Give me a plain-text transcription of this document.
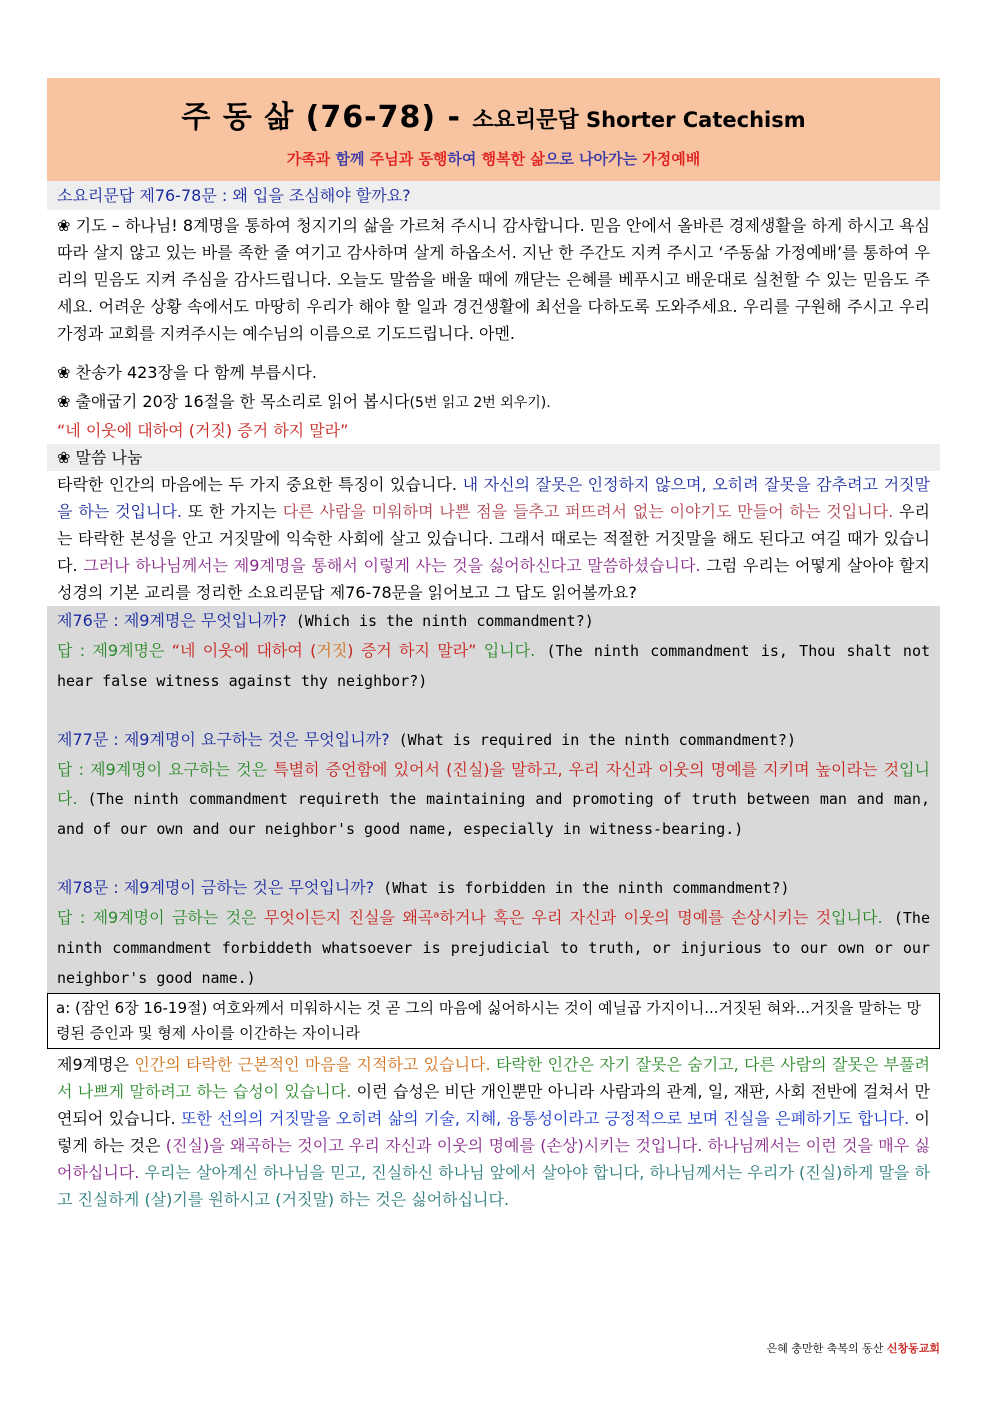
주 동 삶 (76-78) - 소요리문답 Shorter Catechism
가족과 함께 주님과 동행하여 행복한 삶으로 나아가는 가정예배
소요리문답 제76-78문 : 왜 입을 조심해야 할까요?
❀ 기도 – 하나님! 8계명을 통하여 청지기의 삶을 가르쳐 주시니 감사합니다. 믿음 안에서 올바른 경제생활을 하게 하시고 욕심 따라 살지 않고 있는 바를 족한 줄 여기고 감사하며 살게 하옵소서. 지난 한 주간도 지켜 주시고 ‘주동삶 가정예배’를 통하여 우리의 믿음도 지켜 주심을 감사드립니다. 오늘도 말씀을 배울 때에 깨닫는 은혜를 베푸시고 배운대로 실천할 수 있는 믿음도 주세요. 어려운 상황 속에서도 마땅히 우리가 해야 할 일과 경건생활에 최선을 다하도록 도와주세요. 우리를 구원해 주시고 우리 가정과 교회를 지켜주시는 예수님의 이름으로 기도드립니다. 아멘.
❀ 찬송가 423장을 다 함께 부릅시다.
❀ 출애굽기 20장 16절을 한 목소리로 읽어 봅시다(5번 읽고 2번 외우기).
“네 이웃에 대하여 (거짓) 증거 하지 말라”
❀ 말씀 나눔
타락한 인간의 마음에는 두 가지 중요한 특징이 있습니다. 내 자신의 잘못은 인정하지 않으며, 오히려 잘못을 감추려고 거짓말을 하는 것입니다. 또 한 가지는 다른 사람을 미워하며 나쁜 점을 들추고 퍼뜨려서 없는 이야기도 만들어 하는 것입니다. 우리는 타락한 본성을 안고 거짓말에 익숙한 사회에 살고 있습니다. 그래서 때로는 적절한 거짓말을 해도 된다고 여길 때가 있습니다. 그러나 하나님께서는 제9계명을 통해서 이렇게 사는 것을 싫어하신다고 말씀하셨습니다. 그럼 우리는 어떻게 살아야 할지 성경의 기본 교리를 정리한 소요리문답 제76-78문을 읽어보고 그 답도 읽어볼까요?
제76문 : 제9계명은 무엇입니까? (Which is the ninth commandment?)
답 : 제9계명은 “네 이웃에 대하여 (거짓) 증거 하지 말라” 입니다. (The ninth commandment is, Thou shalt not hear false witness against thy neighbor?)
제77문 : 제9계명이 요구하는 것은 무엇입니까? (What is required in the ninth commandment?)
답 : 제9계명이 요구하는 것은 특별히 증언함에 있어서 (진실)을 말하고, 우리 자신과 이웃의 명예를 지키며 높이라는 것입니다. (The ninth commandment requireth the maintaining and promoting of truth between man and man, and of our own and our neighbor's good name, especially in witness-bearing.)
제78문 : 제9계명이 금하는 것은 무엇입니까? (What is forbidden in the ninth commandment?)
답 : 제9계명이 금하는 것은 무엇이든지 진실을 왜곡ᵃ하거나 혹은 우리 자신과 이웃의 명예를 손상시키는 것입니다. (The ninth commandment forbiddeth whatsoever is prejudicial to truth, or injurious to our own or our neighbor's good name.)
a: (잠언 6장 16-19절) 여호와께서 미워하시는 것 곧 그의 마음에 싫어하시는 것이 예닐곱 가지이니...거짓된 혀와...거짓을 말하는 망령된 증인과 및 형제 사이를 이간하는 자이니라
제9계명은 인간의 타락한 근본적인 마음을 지적하고 있습니다. 타락한 인간은 자기 잘못은 숨기고, 다른 사람의 잘못은 부풀려서 나쁘게 말하려고 하는 습성이 있습니다. 이런 습성은 비단 개인뿐만 아니라 사람과의 관계, 일, 재판, 사회 전반에 걸쳐서 만연되어 있습니다. 또한 선의의 거짓말을 오히려 삶의 기술, 지혜, 융통성이라고 긍정적으로 보며 진실을 은폐하기도 합니다. 이렇게 하는 것은 (진실)을 왜곡하는 것이고 우리 자신과 이웃의 명예를 (손상)시키는 것입니다. 하나님께서는 이런 것을 매우 싫어하십니다. 우리는 살아계신 하나님을 믿고, 진실하신 하나님 앞에서 살아야 합니다, 하나님께서는 우리가 (진실)하게 말을 하고 진실하게 (살)기를 원하시고 (거짓말) 하는 것은 싫어하십니다.
은혜 충만한 축복의 동산 신창동교회
